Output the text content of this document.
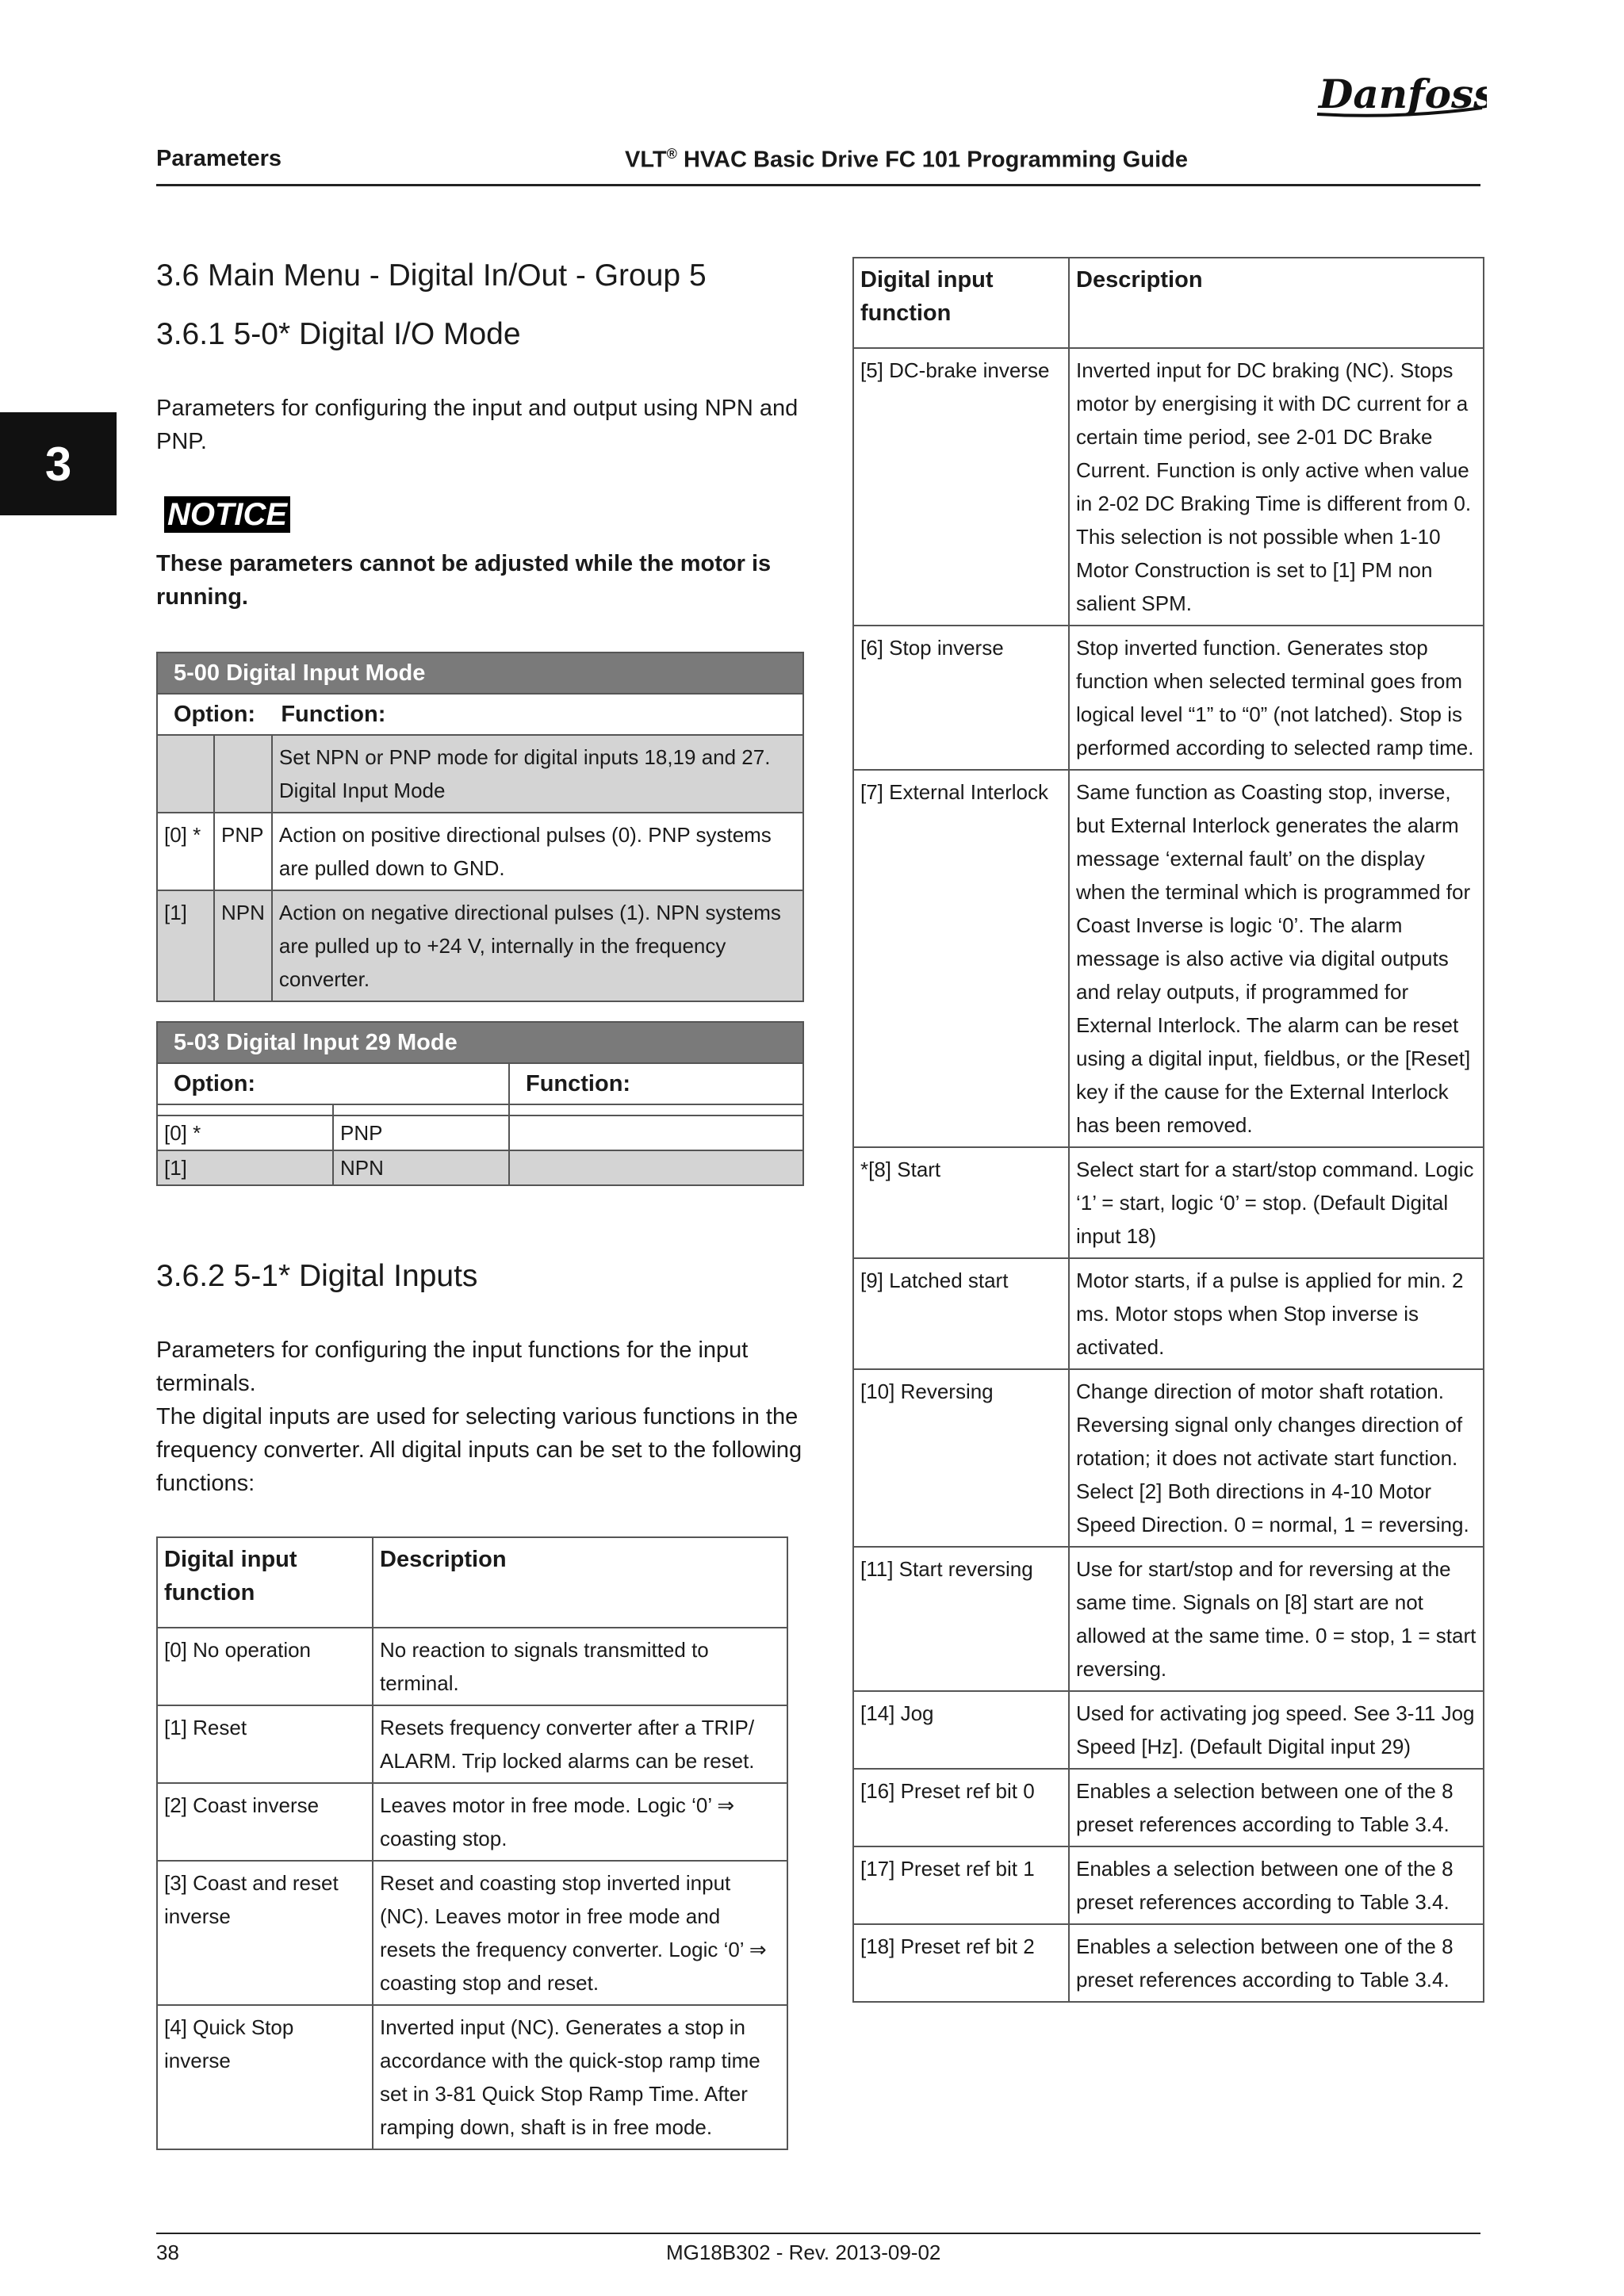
Danfoss
Parameters	VLT® HVAC Basic Drive FC 101 Programming Guide
3
3.6 Main Menu - Digital In/Out - Group 5
3.6.1 5-0* Digital I/O Mode
Parameters for configuring the input and output using NPN and PNP.
NOTICE
These parameters cannot be adjusted while the motor is running.
5-00 Digital Input Mode		
Option: Function:		
		Set NPN or PNP mode for digital inputs 18,19 and 27. Digital Input Mode
[0] *	PNP	Action on positive directional pulses (0). PNP systems are pulled down to GND.
[1]	NPN	Action on negative directional pulses (1). NPN systems are pulled up to +24 V, internally in the frequency converter.
5-03 Digital Input 29 Mode		
Option:		Function:

[0] *	PNP	
[1]	NPN	
3.6.2 5-1* Digital Inputs
Parameters for configuring the input functions for the input terminals.
The digital inputs are used for selecting various functions in the frequency converter. All digital inputs can be set to the following functions:
Digital input function	Description
[0] No operation	No reaction to signals transmitted to terminal.
[1] Reset	Resets frequency converter after a TRIP/ ALARM. Trip locked alarms can be reset.
[2] Coast inverse	Leaves motor in free mode. Logic ‘0’ ⇒ coasting stop.
[3] Coast and reset inverse	Reset and coasting stop inverted input (NC). Leaves motor in free mode and resets the frequency converter. Logic ‘0’ ⇒ coasting stop and reset.
[4] Quick Stop inverse	Inverted input (NC). Generates a stop in accordance with the quick-stop ramp time set in 3-81 Quick Stop Ramp Time. After ramping down, shaft is in free mode.
Digital input function	Description
[5] DC-brake inverse	Inverted input for DC braking (NC). Stops motor by energising it with DC current for a certain time period, see 2-01 DC Brake Current. Function is only active when value in 2-02 DC Braking Time is different from 0. This selection is not possible when 1-10 Motor Construction is set to [1] PM non salient SPM.
[6] Stop inverse	Stop inverted function. Generates stop function when selected terminal goes from logical level “1” to “0” (not latched). Stop is performed according to selected ramp time.
[7] External Interlock	Same function as Coasting stop, inverse, but External Interlock generates the alarm message ‘external fault’ on the display when the terminal which is programmed for Coast Inverse is logic ‘0’. The alarm message is also active via digital outputs and relay outputs, if programmed for External Interlock. The alarm can be reset using a digital input, fieldbus, or the [Reset] key if the cause for the External Interlock has been removed.
*[8] Start	Select start for a start/stop command. Logic ‘1’ = start, logic ‘0’ = stop. (Default Digital input 18)
[9] Latched start	Motor starts, if a pulse is applied for min. 2 ms. Motor stops when Stop inverse is activated.
[10] Reversing	Change direction of motor shaft rotation. Reversing signal only changes direction of rotation; it does not activate start function. Select [2] Both directions in 4-10 Motor Speed Direction. 0 = normal, 1 = reversing.
[11] Start reversing	Use for start/stop and for reversing at the same time. Signals on [8] start are not allowed at the same time. 0 = stop, 1 = start reversing.
[14] Jog	Used for activating jog speed. See 3-11 Jog Speed [Hz]. (Default Digital input 29)
[16] Preset ref bit 0	Enables a selection between one of the 8 preset references according to Table 3.4.
[17] Preset ref bit 1	Enables a selection between one of the 8 preset references according to Table 3.4.
[18] Preset ref bit 2	Enables a selection between one of the 8 preset references according to Table 3.4.
38	MG18B302 - Rev. 2013-09-02
